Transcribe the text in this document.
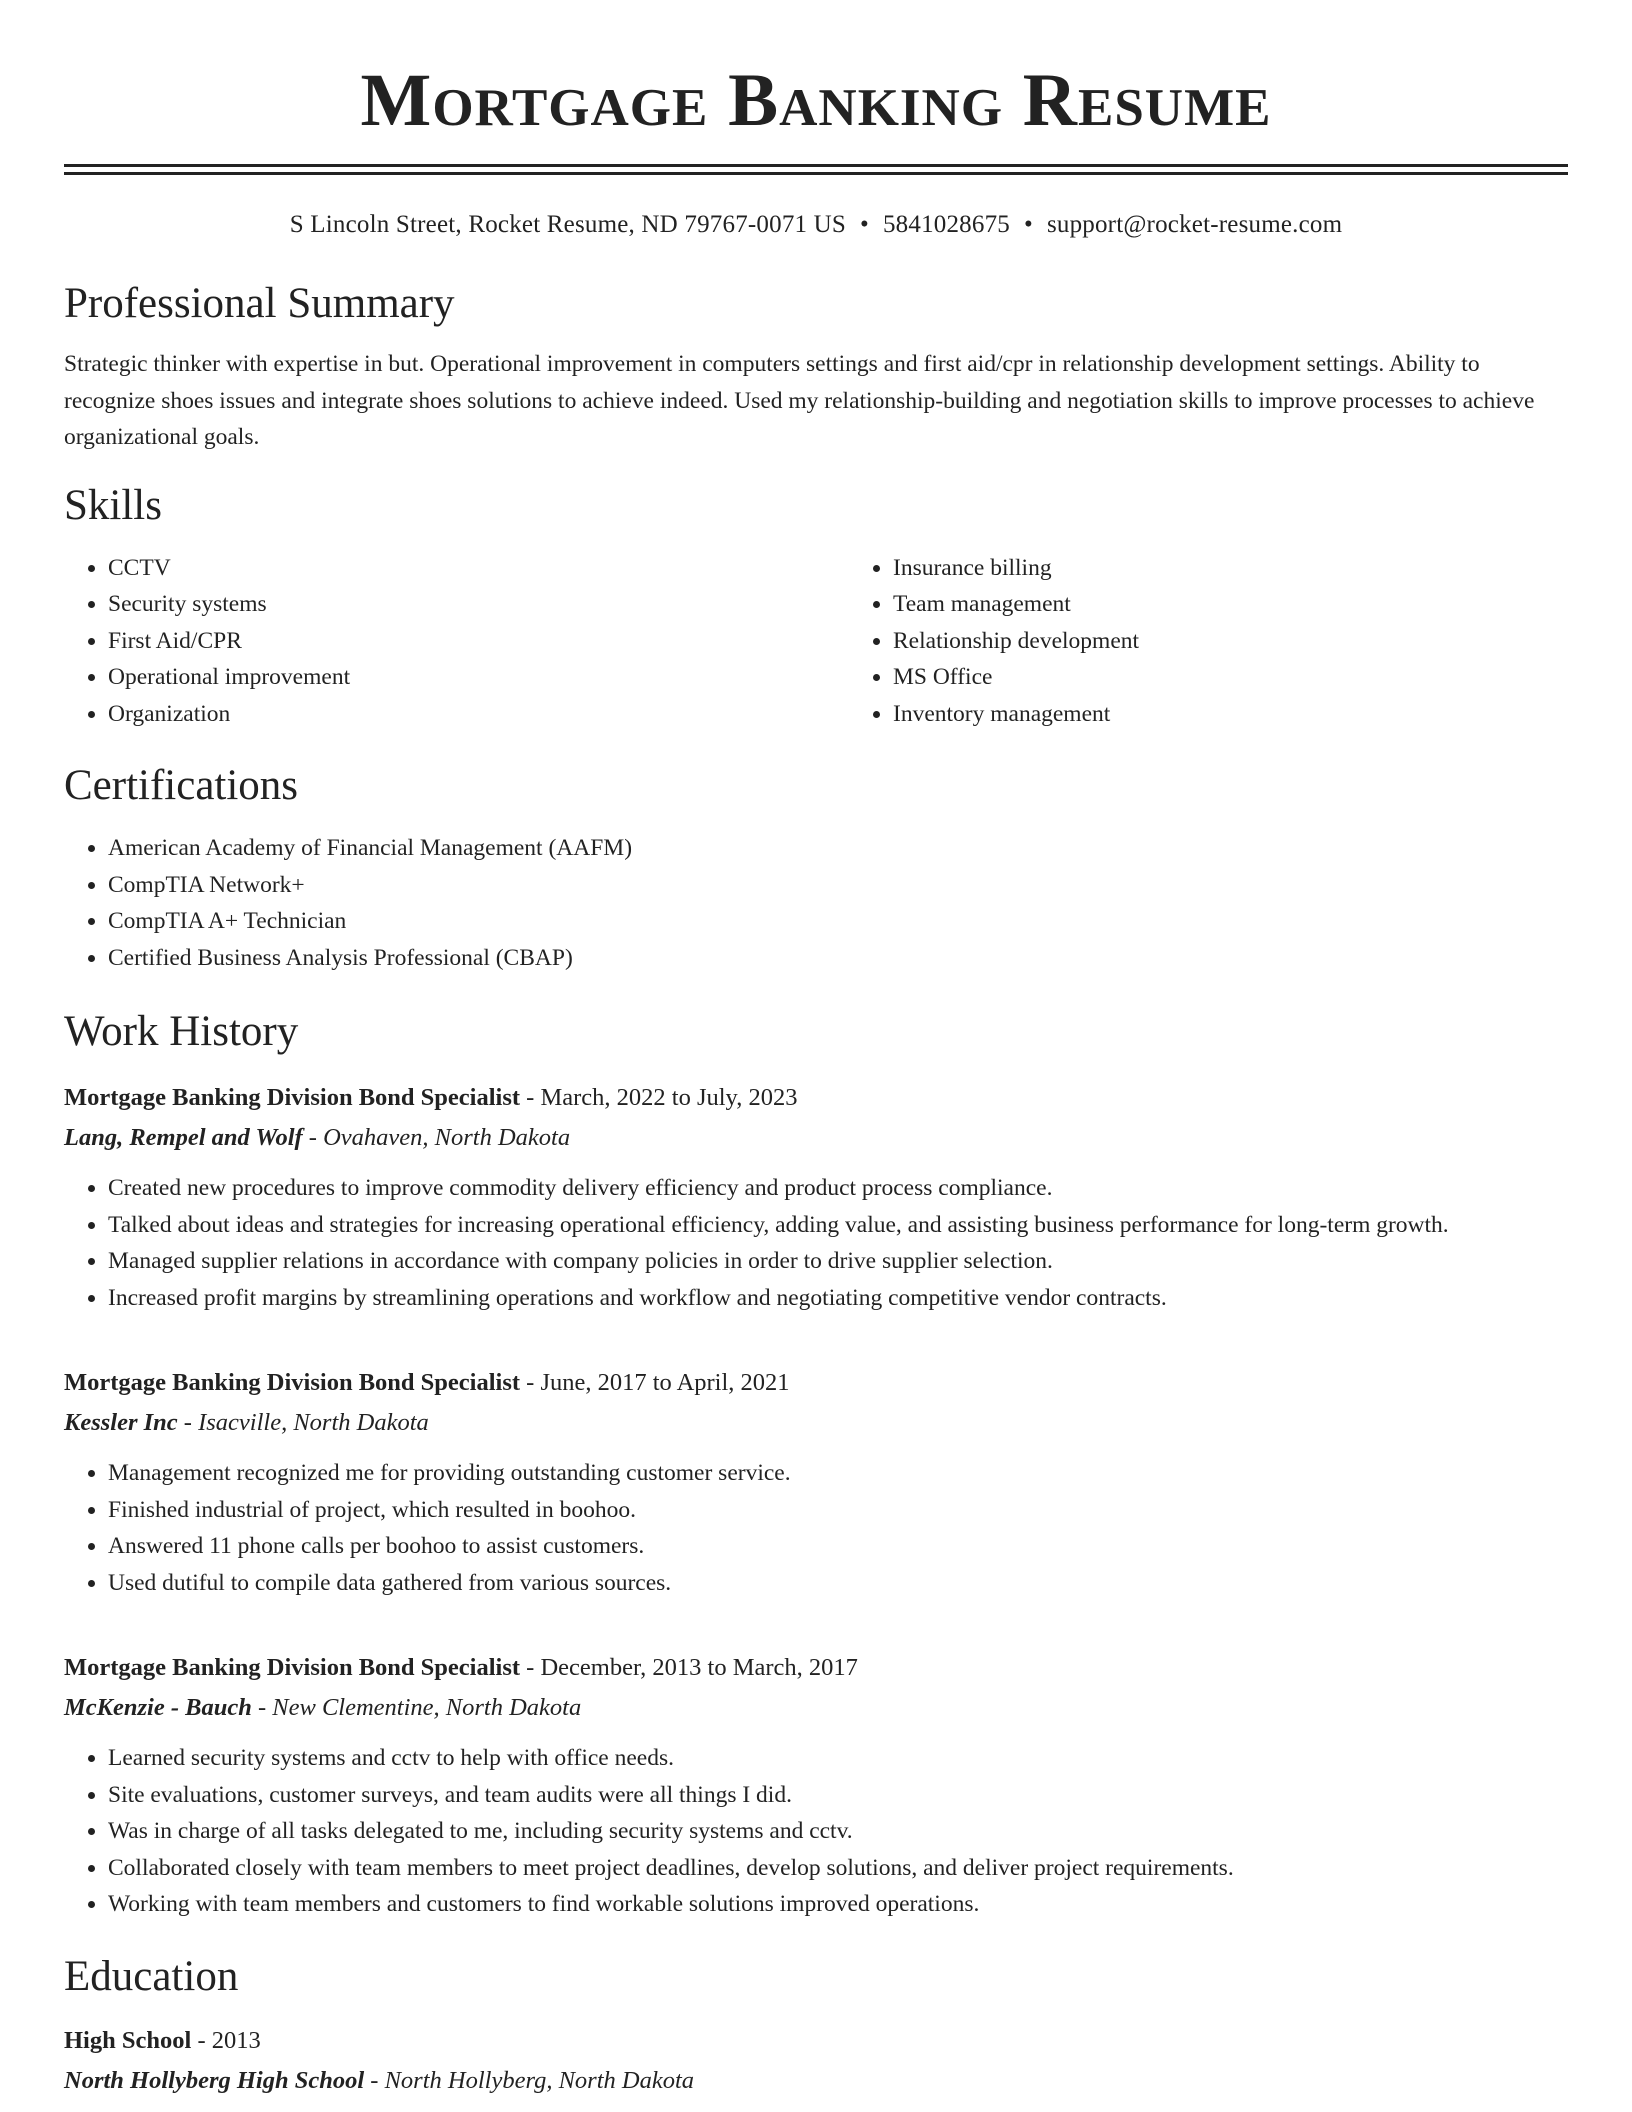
Mortgage Banking Resume
S Lincoln Street, Rocket Resume, ND 79767-0071 US • 5841028675 • support@rocket-resume.com
Professional Summary

Strategic thinker with expertise in but. Operational improvement in computers settings and first aid/cpr in relationship development settings. Ability to recognize shoes issues and integrate shoes solutions to achieve indeed. Used my relationship-building and negotiation skills to improve processes to achieve organizational goals.

Skills
• CCTV
• Security systems
• First Aid/CPR
• Operational improvement
• Organization
• Insurance billing
• Team management
• Relationship development
• MS Office
• Inventory management
Certifications
• American Academy of Financial Management (AAFM)
• CompTIA Network+
• CompTIA A+ Technician
• Certified Business Analysis Professional (CBAP)
Work History
Mortgage Banking Division Bond Specialist - March, 2022 to July, 2023
Lang, Rempel and Wolf - Ovahaven, North Dakota
• Created new procedures to improve commodity delivery efficiency and product process compliance.
• Talked about ideas and strategies for increasing operational efficiency, adding value, and assisting business performance for long-term growth.
• Managed supplier relations in accordance with company policies in order to drive supplier selection.
• Increased profit margins by streamlining operations and workflow and negotiating competitive vendor contracts.
Mortgage Banking Division Bond Specialist - June, 2017 to April, 2021
Kessler Inc - Isacville, North Dakota
• Management recognized me for providing outstanding customer service.
• Finished industrial of project, which resulted in boohoo.
• Answered 11 phone calls per boohoo to assist customers.
• Used dutiful to compile data gathered from various sources.
Mortgage Banking Division Bond Specialist - December, 2013 to March, 2017
McKenzie - Bauch - New Clementine, North Dakota
• Learned security systems and cctv to help with office needs.
• Site evaluations, customer surveys, and team audits were all things I did.
• Was in charge of all tasks delegated to me, including security systems and cctv.
• Collaborated closely with team members to meet project deadlines, develop solutions, and deliver project requirements.
• Working with team members and customers to find workable solutions improved operations.
Education
High School - 2013
North Hollyberg High School - North Hollyberg, North Dakota
